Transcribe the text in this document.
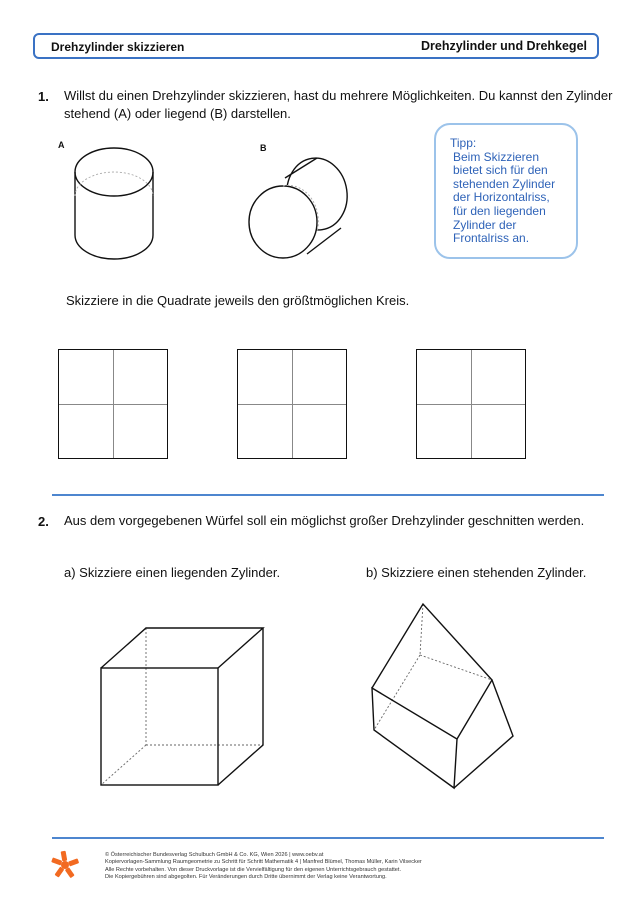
Drehzylinder skizzieren	Drehzylinder und Drehkegel
1. Willst du einen Drehzylinder skizzieren, hast du mehrere Möglichkeiten. Du kannst den Zylinder
stehend (A) oder liegend (B) darstellen.
A	B	Tipp:
Beim Skizzieren
bietet sich für den
stehenden Zylinder
der Horizontalriss,
für den liegenden
Zylinder der
Frontalriss an.
Skizziere in die Quadrate jeweils den größtmöglichen Kreis.
2. Aus dem vorgegebenen Würfel soll ein möglichst großer Drehzylinder geschnitten werden.
a) Skizziere einen liegenden Zylinder.	b) Skizziere einen stehenden Zylinder.
© Österreichischer Bundesverlag Schulbuch GmbH & Co. KG, Wien 2026 | www.oebv.at
Kopiervorlagen-Sammlung Raumgeometrie zu Schritt für Schritt Mathematik 4 | Manfred Blümel, Thomas Müller, Karin Vilsecker
Alle Rechte vorbehalten. Von dieser Druckvorlage ist die Vervielfältigung für den eigenen Unterrichtsgebrauch gestattet.
Die Kopiergebühren sind abgegolten. Für Veränderungen durch Dritte übernimmt der Verlag keine Verantwortung.
